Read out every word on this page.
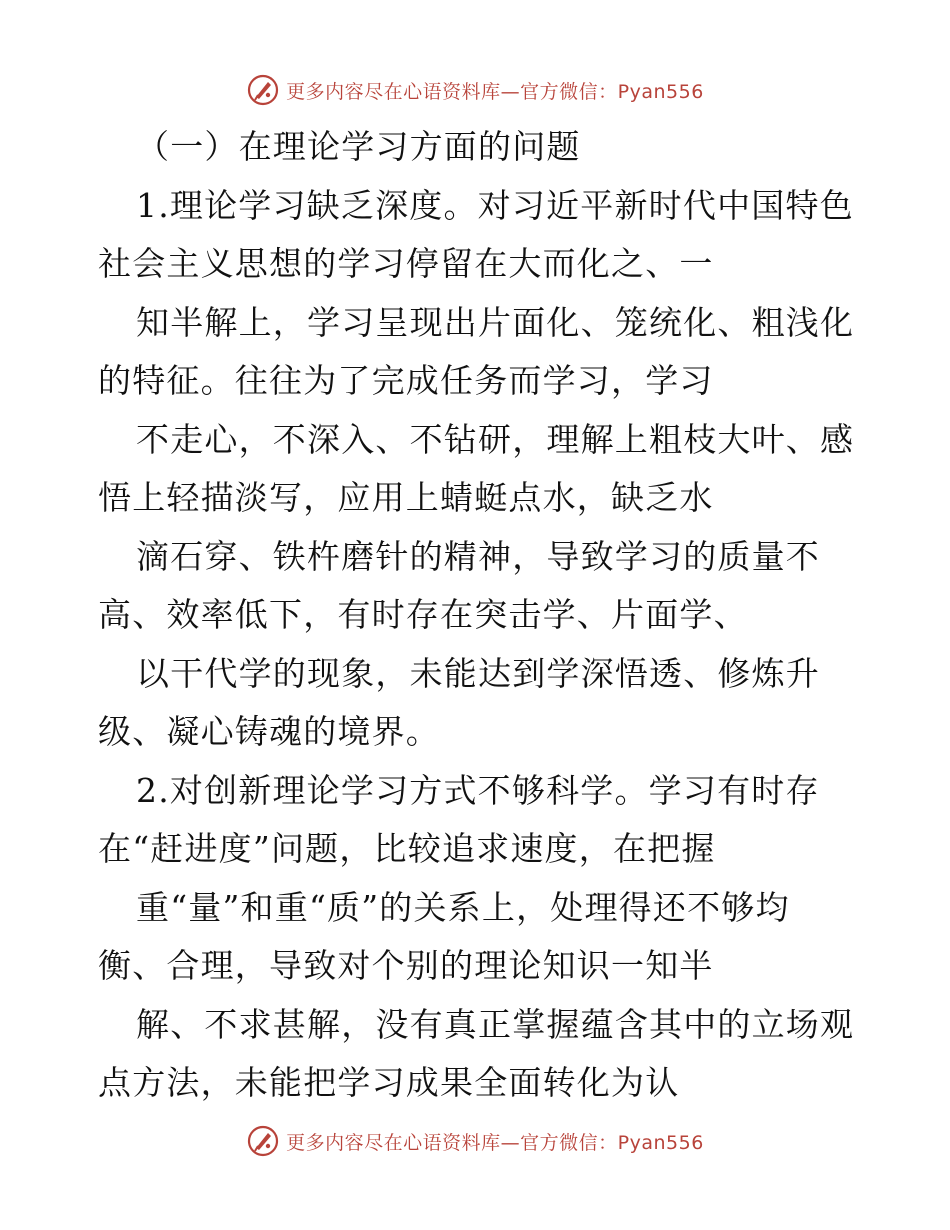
更多内容尽在心语资料库—官方微信：Pyan556
（一）在理论学习方面的问题
1.理论学习缺乏深度。对习近平新时代中国特色
社会主义思想的学习停留在大而化之、一
知半解上，学习呈现出片面化、笼统化、粗浅化
的特征。往往为了完成任务而学习，学习
不走心，不深入、不钻研，理解上粗枝大叶、感
悟上轻描淡写，应用上蜻蜓点水，缺乏水
滴石穿、铁杵磨针的精神，导致学习的质量不
高、效率低下，有时存在突击学、片面学、
以干代学的现象，未能达到学深悟透、修炼升
级、凝心铸魂的境界。
2.对创新理论学习方式不够科学。学习有时存
在“赶进度”问题，比较追求速度，在把握
重“量”和重“质”的关系上，处理得还不够均
衡、合理，导致对个别的理论知识一知半
解、不求甚解，没有真正掌握蕴含其中的立场观
点方法，未能把学习成果全面转化为认
更多内容尽在心语资料库—官方微信：Pyan556
